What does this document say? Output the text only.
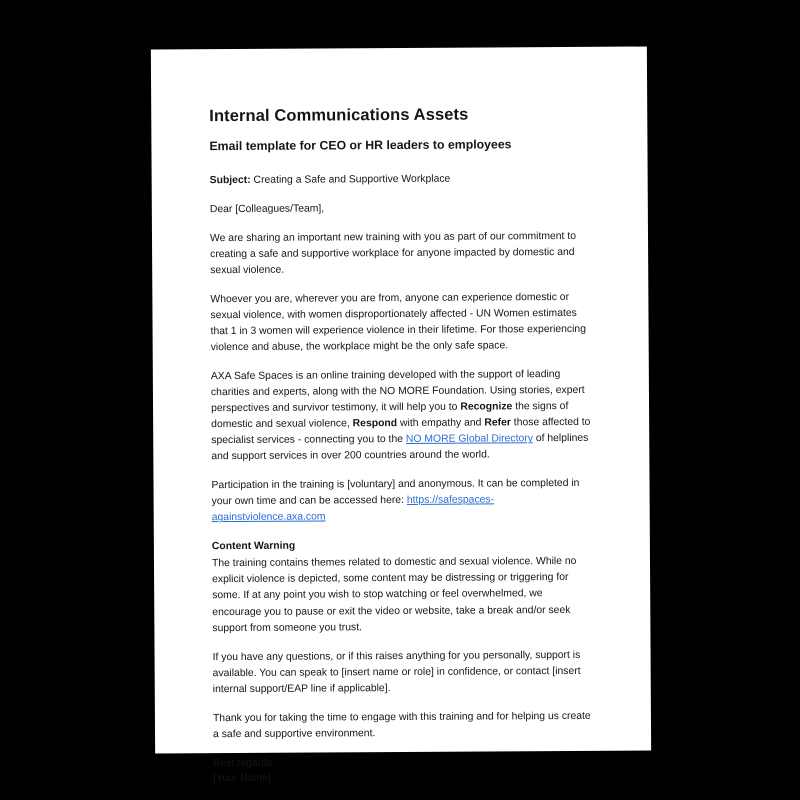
Internal Communications Assets
Email template for CEO or HR leaders to employees

Subject: Creating a Safe and Supportive Workplace

Dear [Colleagues/Team],

We are sharing an important new training with you as part of our commitment to creating a safe and supportive workplace for anyone impacted by domestic and sexual violence.

Whoever you are, wherever you are from, anyone can experience domestic or sexual violence, with women disproportionately affected - UN Women estimates that 1 in 3 women will experience violence in their lifetime. For those experiencing violence and abuse, the workplace might be the only safe space.

AXA Safe Spaces is an online training developed with the support of leading charities and experts, along with the NO MORE Foundation. Using stories, expert perspectives and survivor testimony, it will help you to Recognize the signs of domestic and sexual violence, Respond with empathy and Refer those affected to specialist services - connecting you to the NO MORE Global Directory of helplines and support services in over 200 countries around the world.

Participation in the training is [voluntary] and anonymous. It can be completed in your own time and can be accessed here: https://safespaces-againstviolence.axa.com

Content Warning

The training contains themes related to domestic and sexual violence. While no explicit violence is depicted, some content may be distressing or triggering for some. If at any point you wish to stop watching or feel overwhelmed, we encourage you to pause or exit the video or website, take a break and/or seek support from someone you trust.

If you have any questions, or if this raises anything for you personally, support is available. You can speak to [insert name or role] in confidence, or contact [insert internal support/EAP line if applicable].

Thank you for taking the time to engage with this training and for helping us create a safe and supportive environment.

Best regards,

[Your Name]
